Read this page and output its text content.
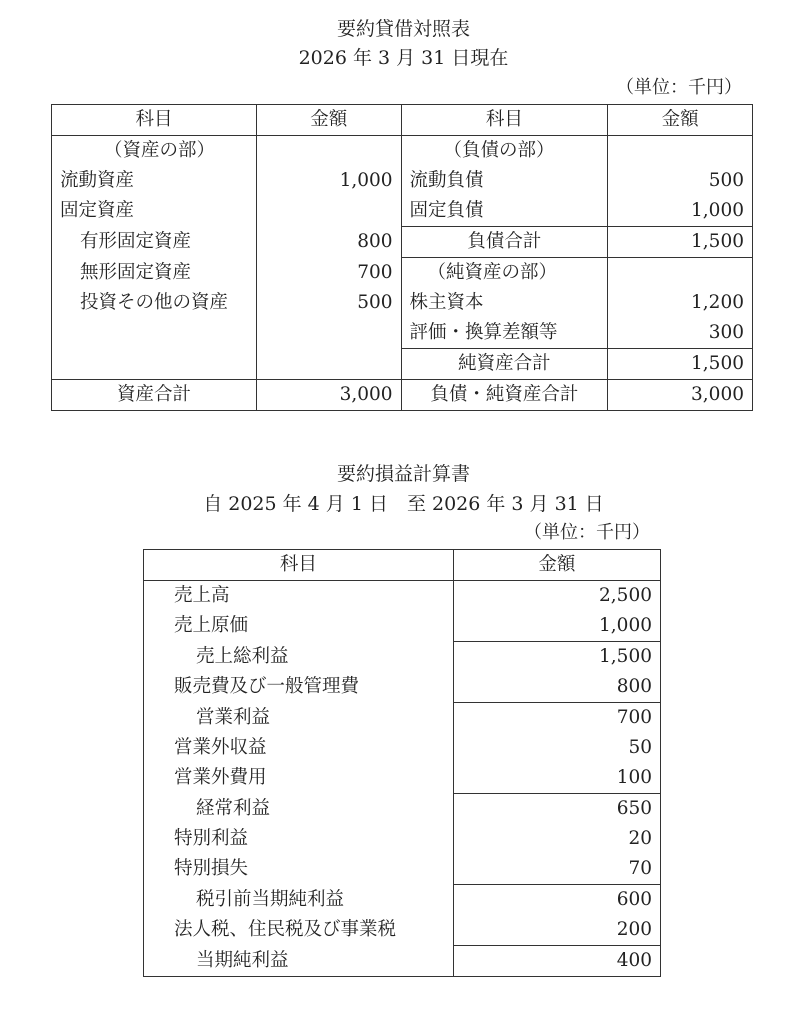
要約貸借対照表
2026 年 3 月 31 日現在
（単位：千円）
科目	金額	科目	金額
（資産の部）		（負債の部）	
流動資産	1,000	流動負債	500
固定資産		固定負債	1,000
有形固定資産	800	負債合計	1,500
無形固定資産	700	（純資産の部）	
投資その他の資産	500	株主資本	1,200
		評価・換算差額等	300
		純資産合計	1,500
資産合計	3,000	負債・純資産合計	3,000
要約損益計算書
自 2025 年 4 月 1 日　至 2026 年 3 月 31 日
（単位：千円）
科目	金額
売上高	2,500
売上原価	1,000
売上総利益	1,500
販売費及び一般管理費	800
営業利益	700
営業外収益	50
営業外費用	100
経常利益	650
特別利益	20
特別損失	70
税引前当期純利益	600
法人税、住民税及び事業税	200
当期純利益	400
